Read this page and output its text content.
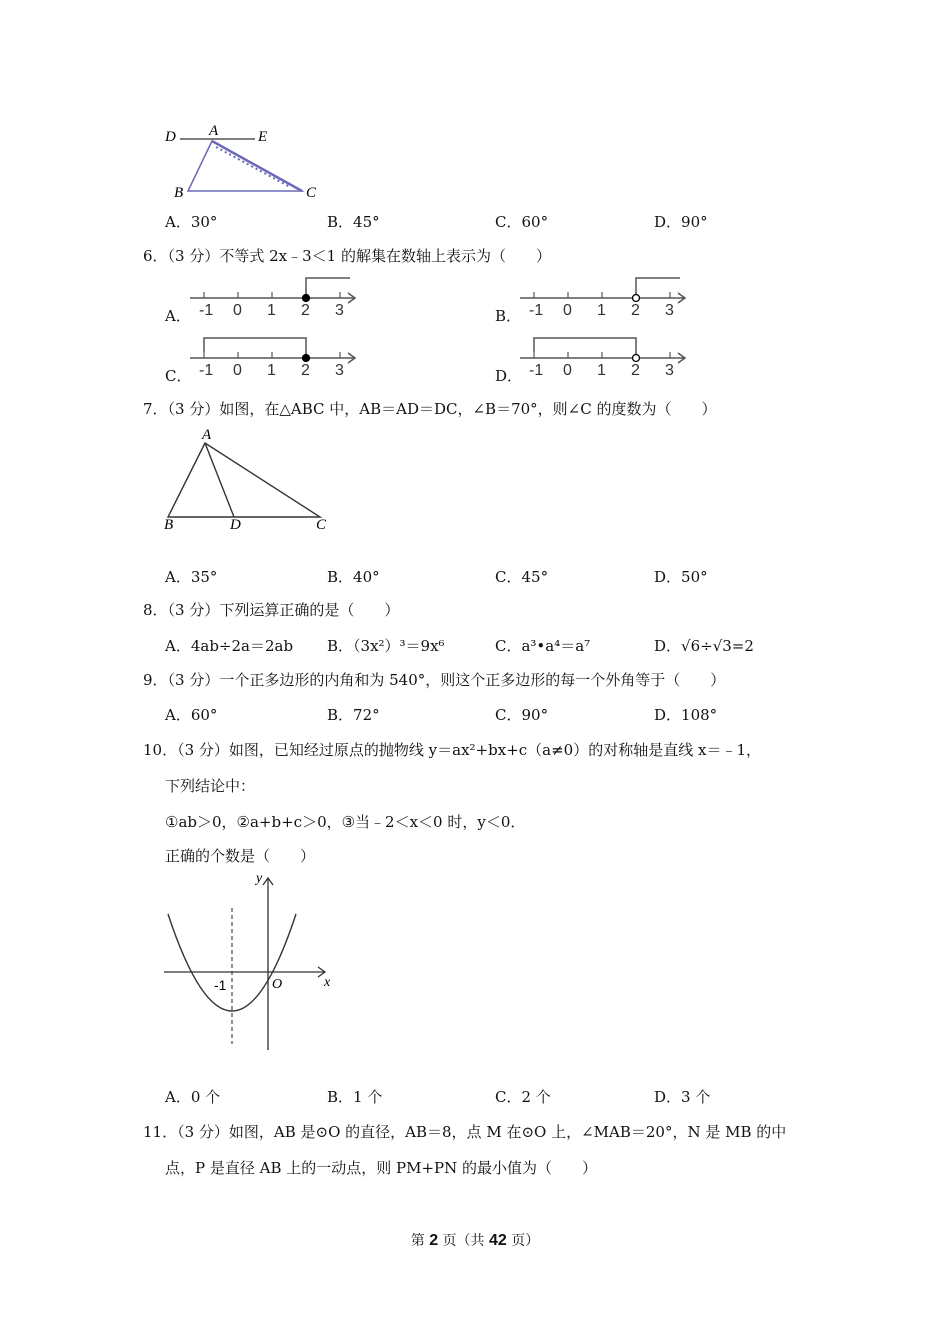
D A	E
B	C
A．30°	B．45°	C．60°	D．90°
6．（3 分）不等式 2x﹣3＜1 的解集在数轴上表示为（　　）
A．	B．
C．	D．
-1 0 1 2 3	-1 0 1 2 3
-1 0 1 2 3	-1 0 1 2 3
7．（3 分）如图，在△ABC 中，AB＝AD＝DC，∠B＝70°，则∠C 的度数为（　　）
A
B	D	C
A．35°	B．40°	C．45°	D．50°
8．（3 分）下列运算正确的是（　　）
A．4ab÷2a＝2ab B．（3x²）³＝9x⁶	C．a³•a⁴＝a⁷	D．√6÷√3=2
9．（3 分）一个正多边形的内角和为 540°，则这个正多边形的每一个外角等于（　　）
A．60°	B．72°	C．90°	D．108°
10．（3 分）如图，已知经过原点的抛物线 y＝ax²+bx+c（a≠0）的对称轴是直线 x＝﹣1，
下列结论中：
①ab＞0，②a+b+c＞0，③当﹣2＜x＜0 时，y＜0．
正确的个数是（　　）
y
x
-1	O
A．0 个	B．1 个	C．2 个	D．3 个
11．（3 分）如图，AB 是⊙O 的直径，AB＝8，点 M 在⊙O 上，∠MAB＝20°，N 是 MB 的中
点，P 是直径 AB 上的一动点，则 PM+PN 的最小值为（　　）
第 2 页（共 42 页）
